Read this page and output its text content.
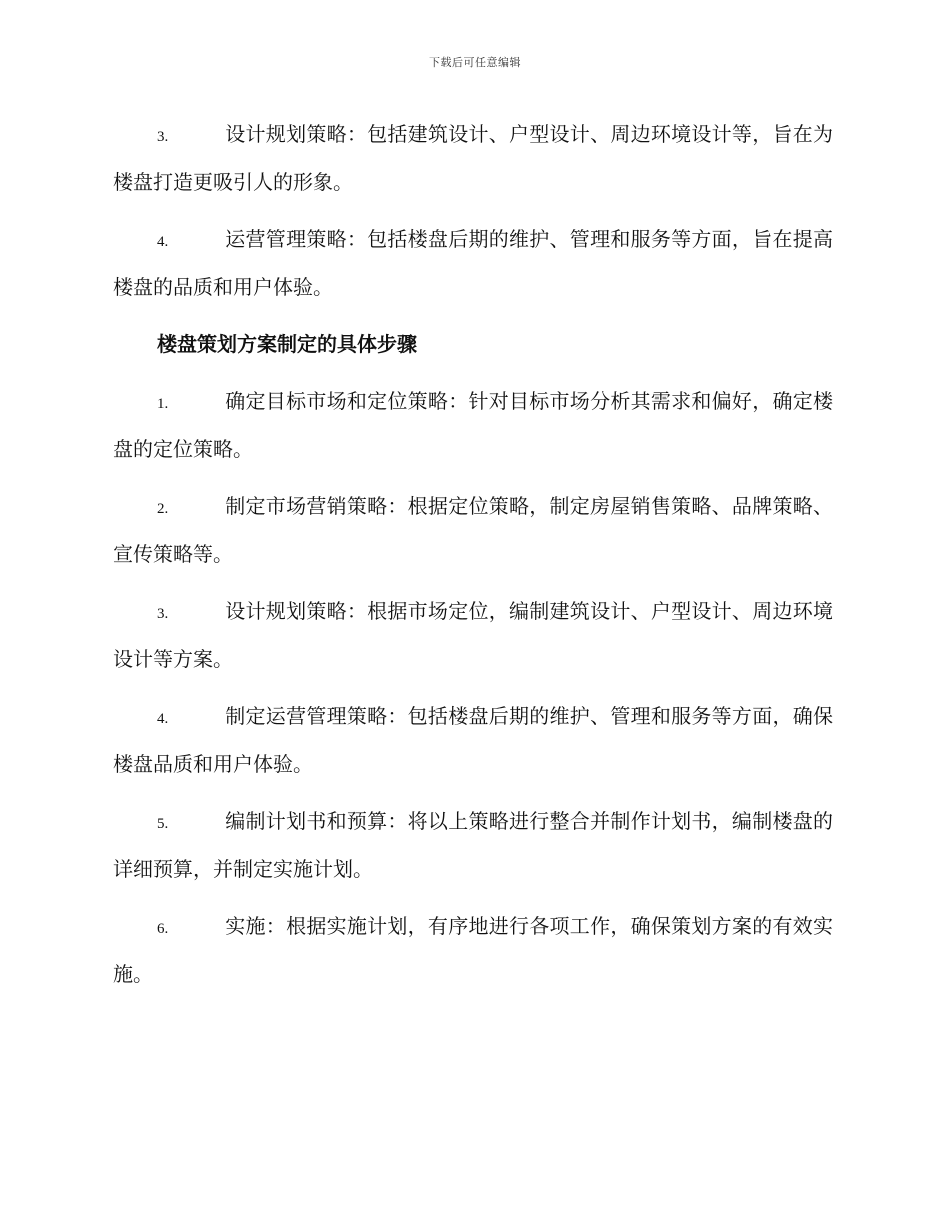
下载后可任意编辑
3.	设计规划策略：包括建筑设计、户型设计、周边环境设计等，旨在为楼盘打造更吸引人的形象。
4.	运营管理策略：包括楼盘后期的维护、管理和服务等方面，旨在提高楼盘的品质和用户体验。
楼盘策划方案制定的具体步骤
1.	确定目标市场和定位策略：针对目标市场分析其需求和偏好，确定楼盘的定位策略。
2.	制定市场营销策略：根据定位策略，制定房屋销售策略、品牌策略、宣传策略等。
3.	设计规划策略：根据市场定位，编制建筑设计、户型设计、周边环境设计等方案。
4.	制定运营管理策略：包括楼盘后期的维护、管理和服务等方面，确保楼盘品质和用户体验。
5.	编制计划书和预算：将以上策略进行整合并制作计划书，编制楼盘的详细预算，并制定实施计划。
6.	实施：根据实施计划，有序地进行各项工作，确保策划方案的有效实施。
